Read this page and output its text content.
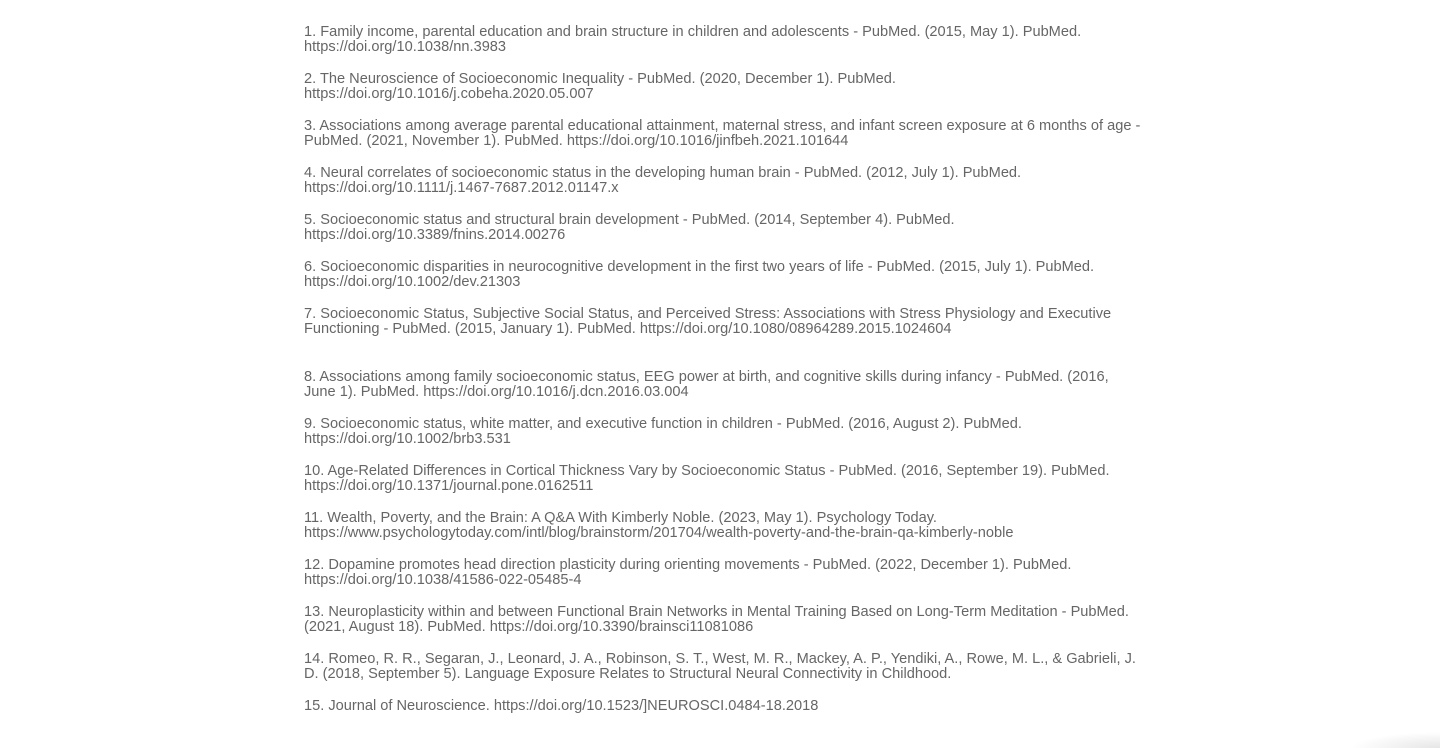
1. Family income, parental education and brain structure in children and adolescents - PubMed. (2015, May 1). PubMed. https://doi.org/10.1038/nn.3983

2. The Neuroscience of Socioeconomic Inequality - PubMed. (2020, December 1). PubMed. https://doi.org/10.1016/j.cobeha.2020.05.007

3. Associations among average parental educational attainment, maternal stress, and infant screen exposure at 6 months of age - PubMed. (2021, November 1). PubMed. https://doi.org/10.1016/jinfbeh.2021.101644

4. Neural correlates of socioeconomic status in the developing human brain - PubMed. (2012, July 1). PubMed. https://doi.org/10.1111/j.1467-7687.2012.01147.x

5. Socioeconomic status and structural brain development - PubMed. (2014, September 4). PubMed. https://doi.org/10.3389/fnins.2014.00276

6. Socioeconomic disparities in neurocognitive development in the first two years of life - PubMed. (2015, July 1). PubMed. https://doi.org/10.1002/dev.21303

7. Socioeconomic Status, Subjective Social Status, and Perceived Stress: Associations with Stress Physiology and Executive Functioning - PubMed. (2015, January 1). PubMed. https://doi.org/10.1080/08964289.2015.1024604

8. Associations among family socioeconomic status, EEG power at birth, and cognitive skills during infancy - PubMed. (2016, June 1). PubMed. https://doi.org/10.1016/j.dcn.2016.03.004

9. Socioeconomic status, white matter, and executive function in children - PubMed. (2016, August 2). PubMed. https://doi.org/10.1002/brb3.531

10. Age-Related Differences in Cortical Thickness Vary by Socioeconomic Status - PubMed. (2016, September 19). PubMed. https://doi.org/10.1371/journal.pone.0162511

11. Wealth, Poverty, and the Brain: A Q&A With Kimberly Noble. (2023, May 1). Psychology Today. https://www.psychologytoday.com/intl/blog/brainstorm/201704/wealth-poverty-and-the-brain-qa-kimberly-noble

12. Dopamine promotes head direction plasticity during orienting movements - PubMed. (2022, December 1). PubMed. https://doi.org/10.1038/41586-022-05485-4

13. Neuroplasticity within and between Functional Brain Networks in Mental Training Based on Long-Term Meditation - PubMed. (2021, August 18). PubMed. https://doi.org/10.3390/brainsci11081086

14. Romeo, R. R., Segaran, J., Leonard, J. A., Robinson, S. T., West, M. R., Mackey, A. P., Yendiki, A., Rowe, M. L., & Gabrieli, J. D. (2018, September 5). Language Exposure Relates to Structural Neural Connectivity in Childhood.

15. Journal of Neuroscience. https://doi.org/10.1523/]NEUROSCI.0484-18.2018
